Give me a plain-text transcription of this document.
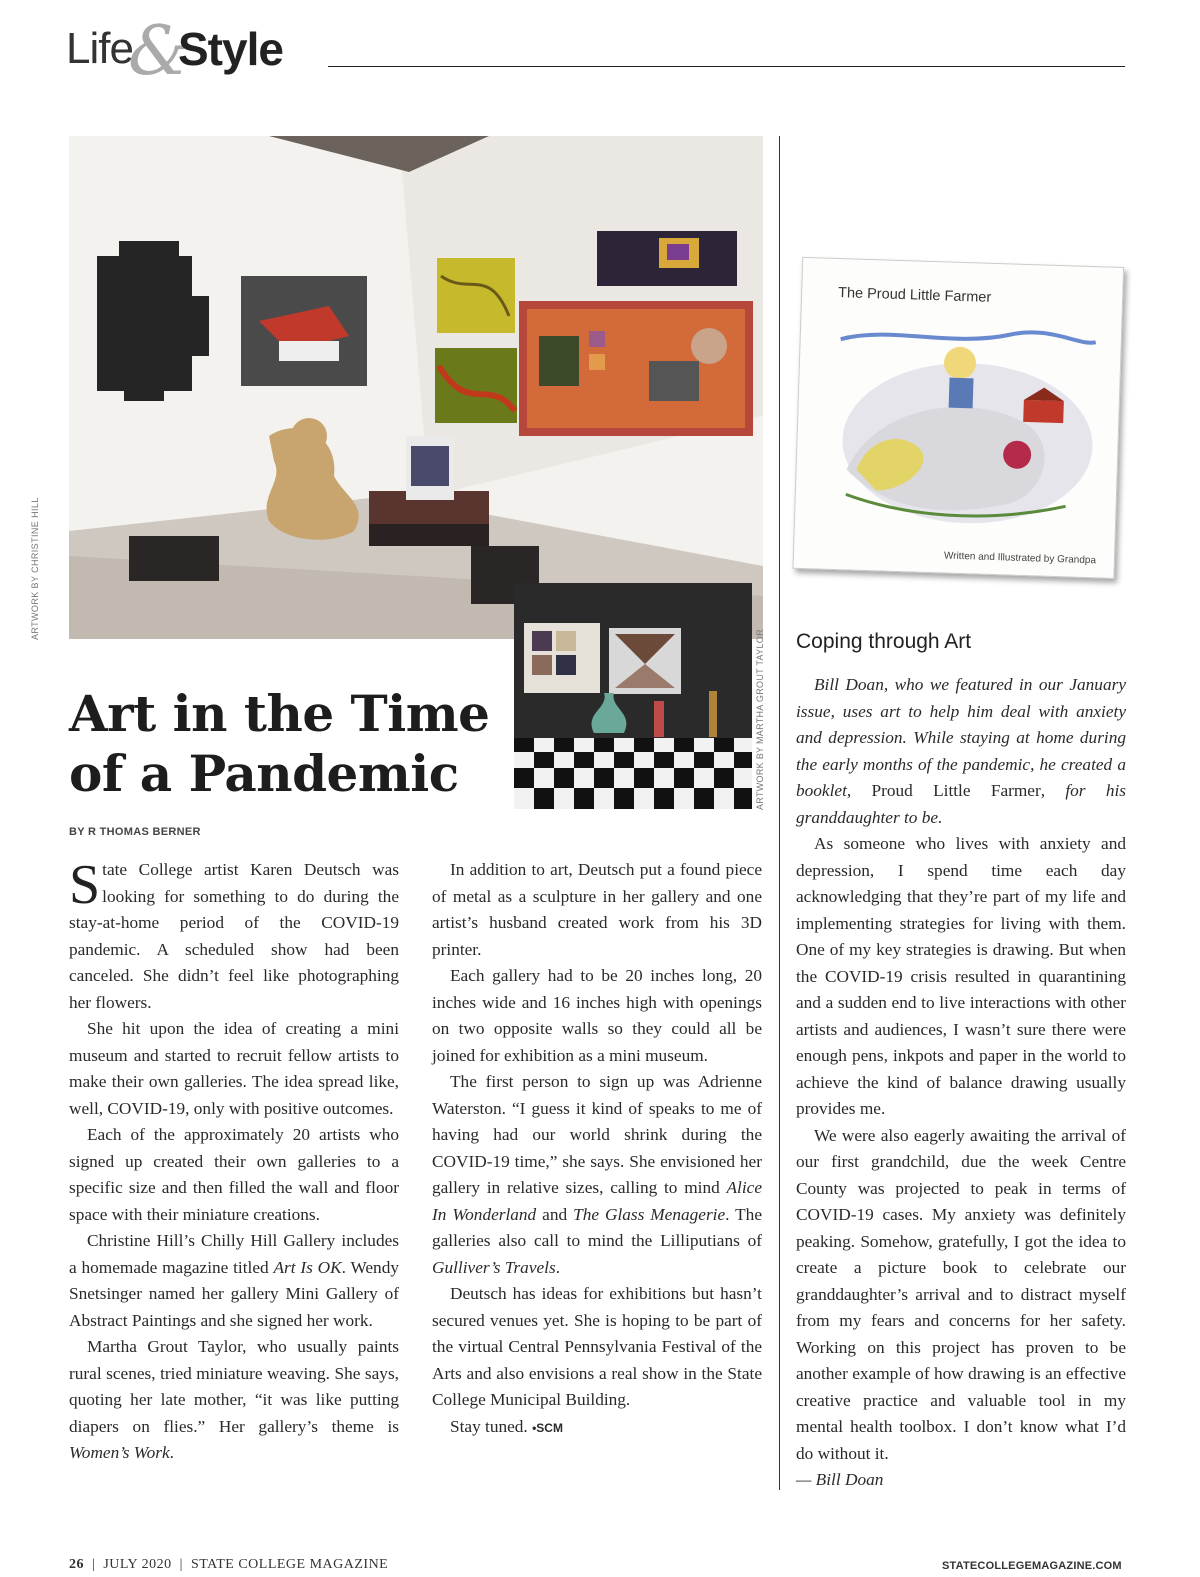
Life
&
Style
ARTWORK BY CHRISTINE HILL
ARTWORK BY MARTHA GROUT TAYLOR
Art in the Time
of a Pandemic
BY R THOMAS BERNER

State College artist Karen Deutsch was looking for something to do during the stay-at-home period of the COVID-19 pandemic. A scheduled show had been canceled. She didn’t feel like photographing her flowers.

She hit upon the idea of creating a mini museum and started to recruit fellow artists to make their own galleries. The idea spread like, well, COVID-19, only with positive outcomes.

Each of the approximately 20 artists who signed up created their own galleries to a specific size and then filled the wall and floor space with their miniature creations.

Christine Hill’s Chilly Hill Gallery includes a homemade magazine titled Art Is OK. Wendy Snetsinger named her gallery Mini Gallery of Abstract Paintings and she signed her work.

Martha Grout Taylor, who usually paints rural scenes, tried miniature weaving. She says, quoting her late mother, “it was like putting diapers on flies.” Her gallery’s theme is Women’s Work.

In addition to art, Deutsch put a found piece of metal as a sculpture in her gallery and one artist’s husband created work from his 3D printer.

Each gallery had to be 20 inches long, 20 inches wide and 16 inches high with openings on two opposite walls so they could all be joined for exhibition as a mini museum.

The first person to sign up was Adrienne Waterston. “I guess it kind of speaks to me of having had our world shrink during the COVID-19 time,” she says. She envisioned her gallery in relative sizes, calling to mind Alice In Wonderland and The Glass Menagerie. The galleries also call to mind the Lilliputians of Gulliver’s Travels.

Deutsch has ideas for exhibitions but hasn’t secured venues yet. She is hoping to be part of the virtual Central Pennsylvania Festival of the Arts and also envisions a real show in the State College Municipal Building.

Stay tuned. •SCM

The Proud Little Farmer
Written and Illustrated by Grandpa
Coping through Art
Bill Doan, who we featured in our January issue, uses art to help him deal with anxiety and depression. While staying at home during the early months of the pandemic, he created a booklet, Proud Little Farmer, for his granddaughter to be.

As someone who lives with anxiety and depression, I spend time each day acknowledging that they’re part of my life and implementing strategies for living with them. One of my key strategies is drawing. But when the COVID-19 crisis resulted in quarantining and a sudden end to live interactions with other artists and audiences, I wasn’t sure there were enough pens, inkpots and paper in the world to achieve the kind of balance drawing usually provides me.

We were also eagerly awaiting the arrival of our first grandchild, due the week Centre County was projected to peak in terms of COVID-19 cases. My anxiety was definitely peaking. Somehow, gratefully, I got the idea to create a picture book to celebrate our granddaughter’s arrival and to distract myself from my fears and concerns for her safety. Working on this project has proven to be another example of how drawing is an effective creative practice and valuable tool in my mental health toolbox. I don’t know what I’d do without it.

— Bill Doan

26 | JULY 2020 | STATE COLLEGE MAGAZINE	STATECOLLEGEMAGAZINE.COM
